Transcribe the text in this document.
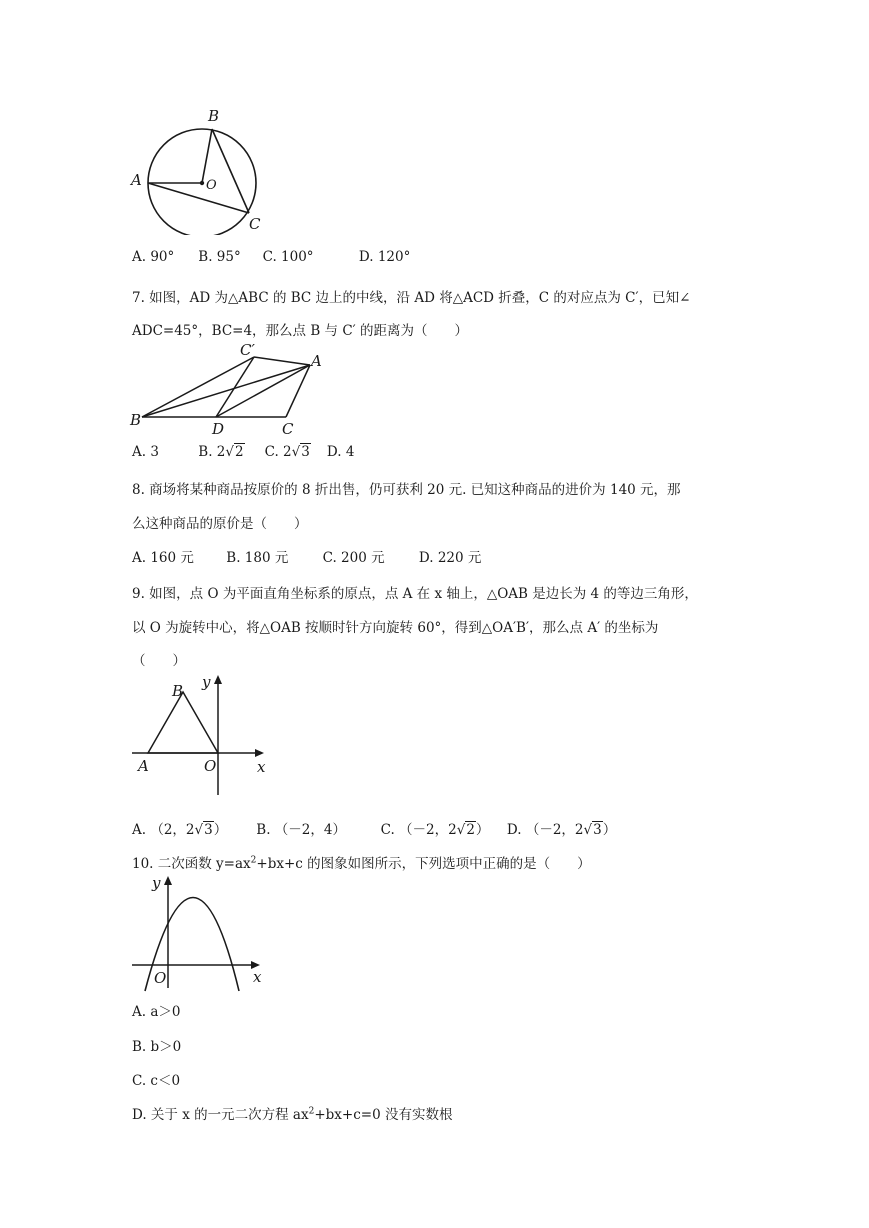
A
B
O
C
A. 90° B. 95° C. 100°	D. 120°
7. 如图，AD 为△ABC 的 BC 边上的中线，沿 AD 将△ACD 折叠，C 的对应点为 C′，已知∠
ADC=45°，BC=4，那么点 B 与 C′ 的距离为（　　）
C′
A
B	D	C
A. 3	B. 2√2 C. 2√3 D. 4
8. 商场将某种商品按原价的 8 折出售，仍可获利 20 元. 已知这种商品的进价为 140 元，那
么这种商品的原价是（　　）
A. 160 元 B. 180 元	C. 200 元	D. 220 元
9. 如图，点 O 为平面直角坐标系的原点，点 A 在 x 轴上，△OAB 是边长为 4 的等边三角形，
以 O 为旋转中心，将△OAB 按顺时针方向旋转 60°，得到△OA′B′，那么点 A′ 的坐标为
（　　）
B y
A	O	x
A. （2，2√3） B. （－2，4）	C. （－2，2√2） D. （－2，2√3）
10. 二次函数 $y=ax^2+bx+c$ 的图象如图所示，下列选项中正确的是（　　）
y
O	x
A. a＞0
B. b＞0
C. c＜0
D. 关于 x 的一元二次方程 $ax^2+bx+c=0$ 没有实数根
